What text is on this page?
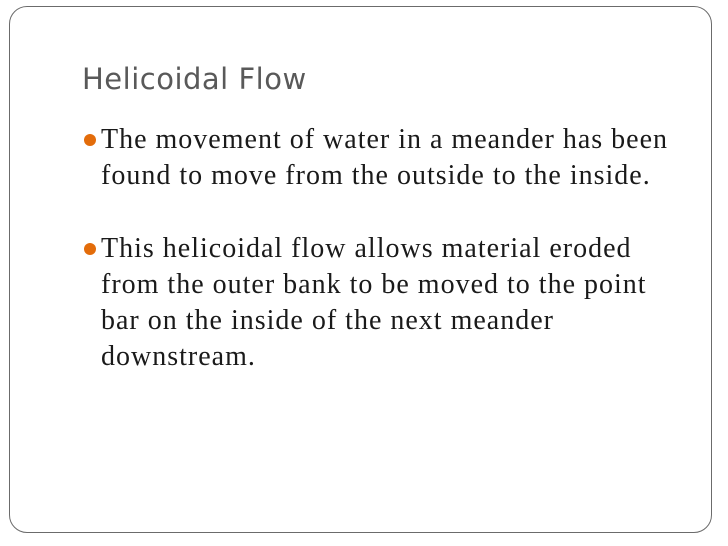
Helicoidal Flow
The movement of water in a meander has been found to move from the outside to the inside.
This helicoidal flow allows material eroded from the outer bank to be moved to the point bar on the inside of the next meander downstream.
